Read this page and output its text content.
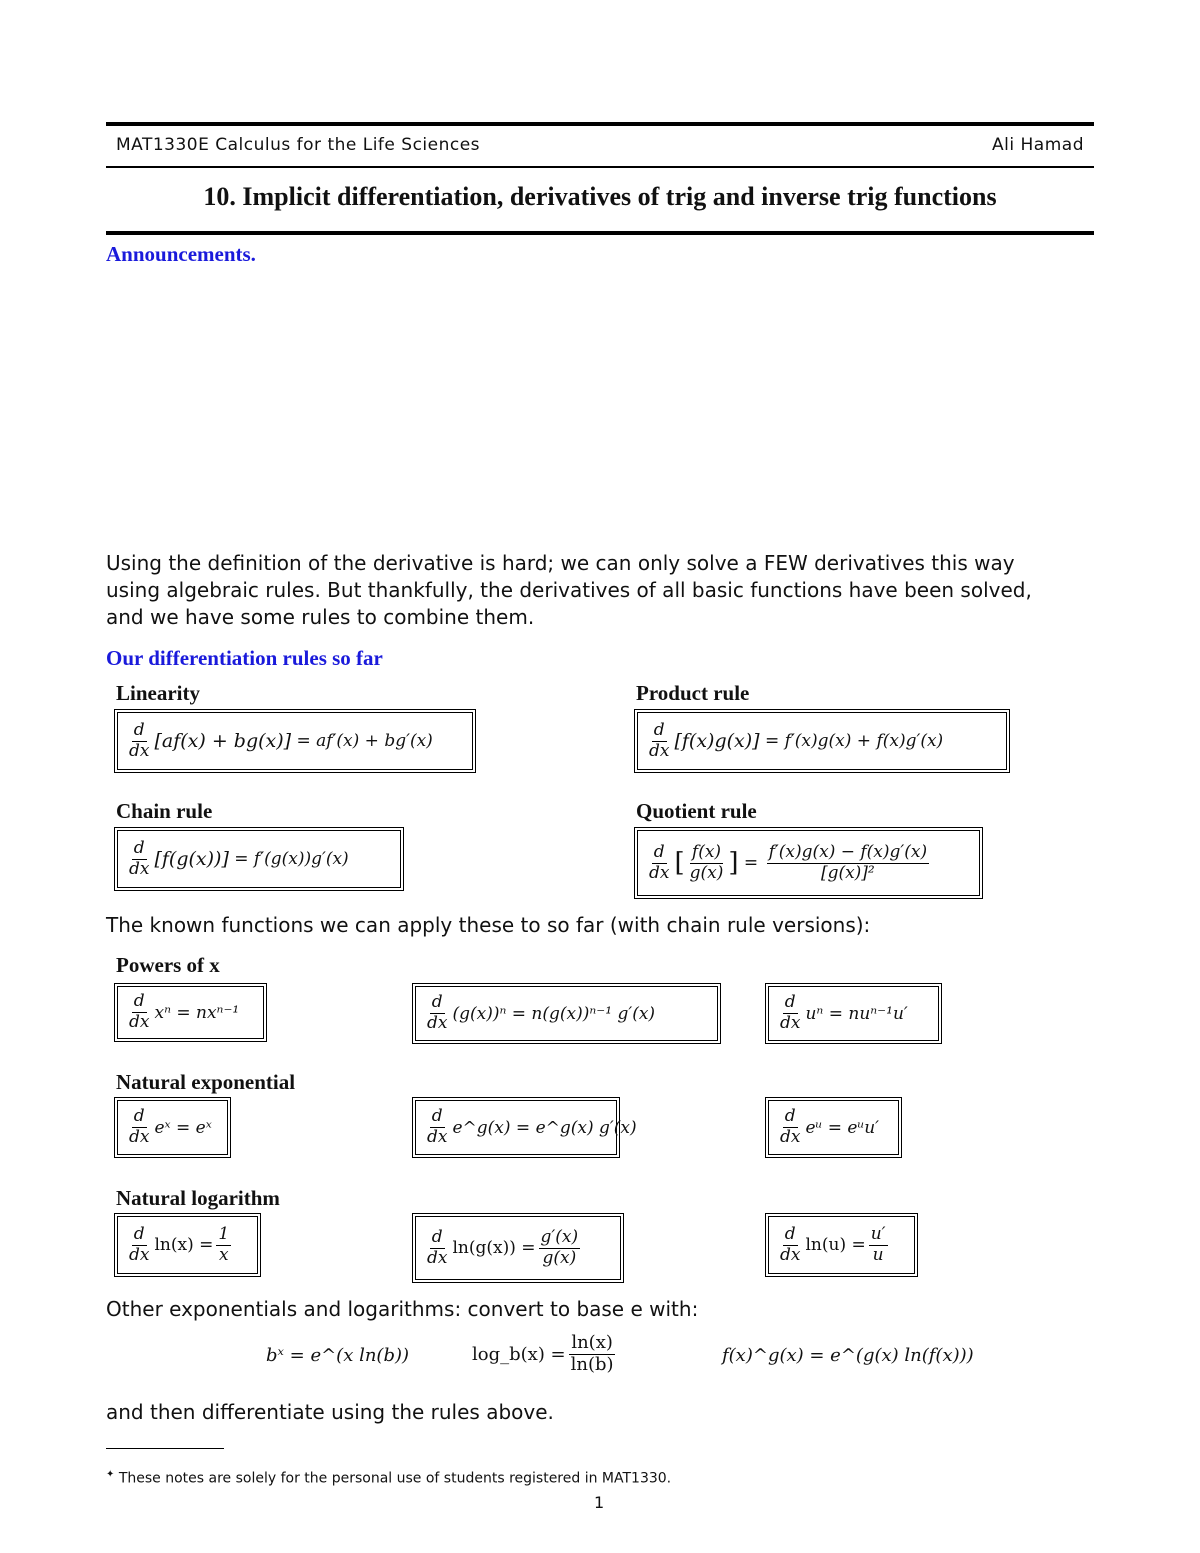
MAT1330E Calculus for the Life Sciences	Ali Hamad
10. Implicit differentiation, derivatives of trig and inverse trig functions
Announcements.
Using the definition of the derivative is hard; we can only solve a FEW derivatives this way
using algebraic rules. But thankfully, the derivatives of all basic functions have been solved,
and we have some rules to combine them.
Our differentiation rules so far
Linearity
$\frac{d}{dx} [af(x) + bg(x)]$
= af′(x) + bg′(x)
Product rule
$\frac{d}{dx} [f(x)g(x)]$
= f′(x)g(x) + f(x)g′(x)
Chain rule
$\frac{d}{dx} [f(g(x))]$
= f′(g(x))g′(x)
Quotient rule
$\frac{d}{dx}$ [ $\frac{f(x)}{g(x)}$ ] = $\frac{f'(x)g(x) - f(x)g'(x)}{\text{[g(x)]²}}$
The known functions we can apply these to so far (with chain rule versions):
Powers of x
$\frac{d}{dx}$ xⁿ = nxⁿ⁻¹	$\frac{d}{dx} (g(x))^n = n(g(x))^{n-1}$ g′(x)	$\frac{d}{dx}$ uⁿ = nuⁿ⁻¹u′
Natural exponential
$\frac{d}{dx}$ eˣ = eˣ	$\frac{d}{dx}$ e^g(x) = e^g(x) g′(x)	$\frac{d}{dx}$ eᵘ = eᵘu′
Natural logarithm
$\frac{d}{dx} \ln(x) = \frac{1}{x}$	$\frac{d}{dx} \ln(g(x)) = \frac{g'(x)}{g(x)}$	$\frac{d}{dx} \ln(u) = \frac{u'}{u}$
Other exponentials and logarithms: convert to base e with:
bˣ = e^(x ln(b))	log_b(x) = $\frac{\ln(x)}{\ln(b)}$	f(x)^g(x) = e^(g(x) ln(f(x)))
and then differentiate using the rules above.
✦ These notes are solely for the personal use of students registered in MAT1330.
1
